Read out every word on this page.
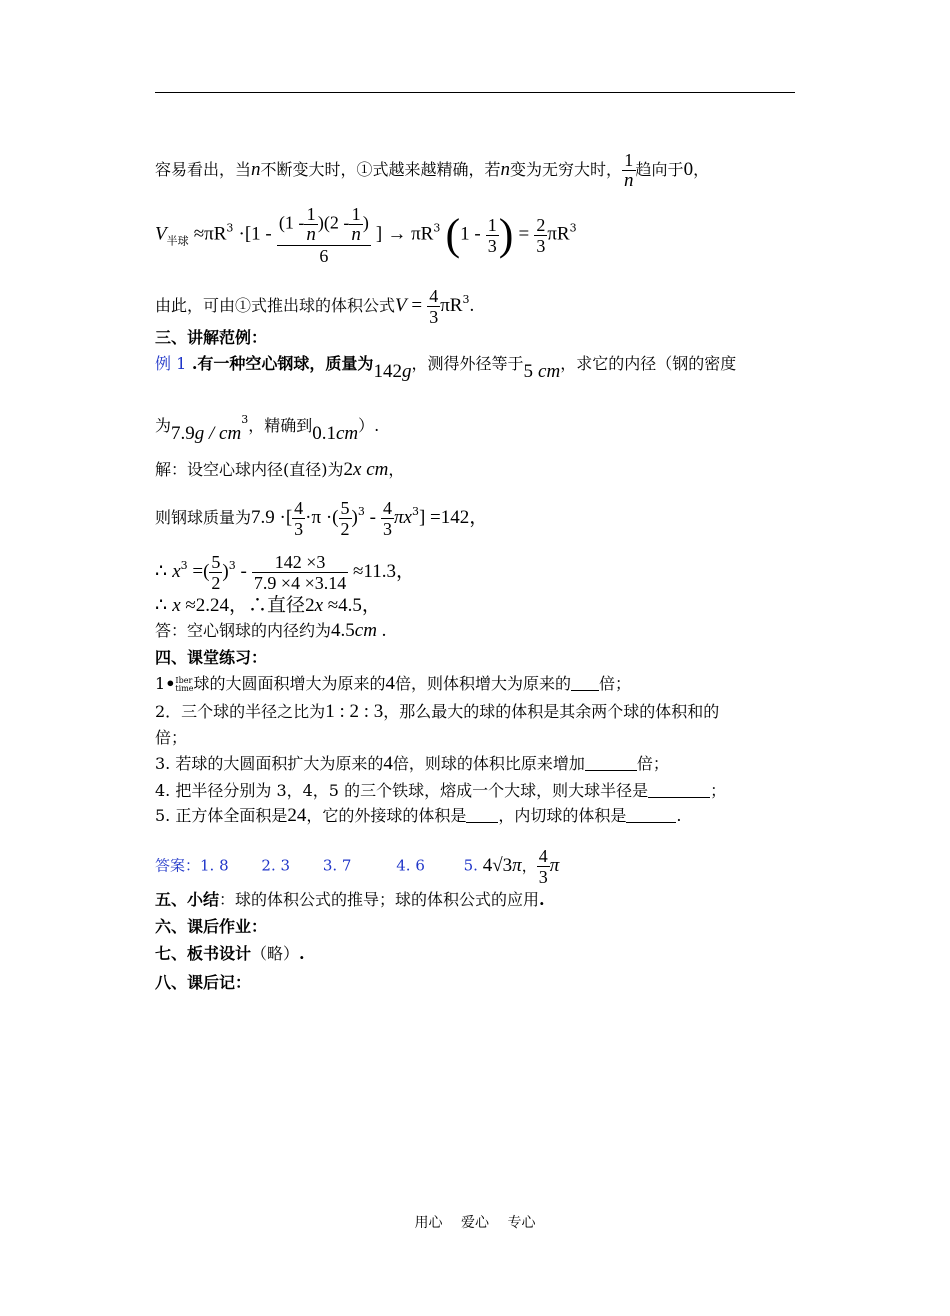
容易看出，当n不断变大时，①式越来越精确，若n变为无穷大时， $\frac{1}{n}$ 趋向于0，
$V_{半球} \approx\pi R^3 \cdot[1 - \frac{(1 - \frac{1}{n} )(2 - \frac{1}{n} )}{6}$ ] → $\pi R^3$ ($1 - \frac{1}{3}$ ) = $\frac{2}{3} \pi R^3$
由此，可由①式推出球的体积公式$V = \frac{4}{3} \pi R^3$.
三、讲解范例：
例 1 .有一种空心钢球，质量为142g，测得外径等于5 cm，求它的内径（钢的密度
为$7.9g / cm^3$，精确到0.1cm）.
解：设空心球内径(直径)为2x cm，
则钢球质量为7.9 ·[ $\frac{4}{3} \cdot\pi$ ·( $\frac{5}{2} )^3 - \frac{4}{3} \pi x^3] =142$，
∴ $x^3$ =( $\frac{5}{2} )^3 - \frac{142 \times 3}{7.9 \times 4 \times 3.14} \approx 11.3$，
∴ x ≈2.24，∴直径2x ≈4.5，
答：空心钢球的内径约为4.5cm .
四、课堂练习：
1• Iber
time 球的大圆面积增大为原来的4倍，则体积增大为原来的 倍；
2．三个球的半径之比为1 : 2 : 3，那么最大的球的体积是其余两个球的体积和的
倍；
3. 若球的大圆面积扩大为原来的4倍，则球的体积比原来增加	倍；
4. 把半径分别为 3，4，5 的三个铁球，熔成一个大球，则大球半径是	；
5. 正方体全面积是24，它的外接球的体积是 ，内切球的体积是	.
答案：1. 8 2. 3 3. 7	4. 6	5. 4√3π， $\frac{4}{3}$ π
五、小结：球的体积公式的推导；球的体积公式的应用.
六、课后作业：
七、板书设计（略）.
八、课后记：
用心 爱心 专心
